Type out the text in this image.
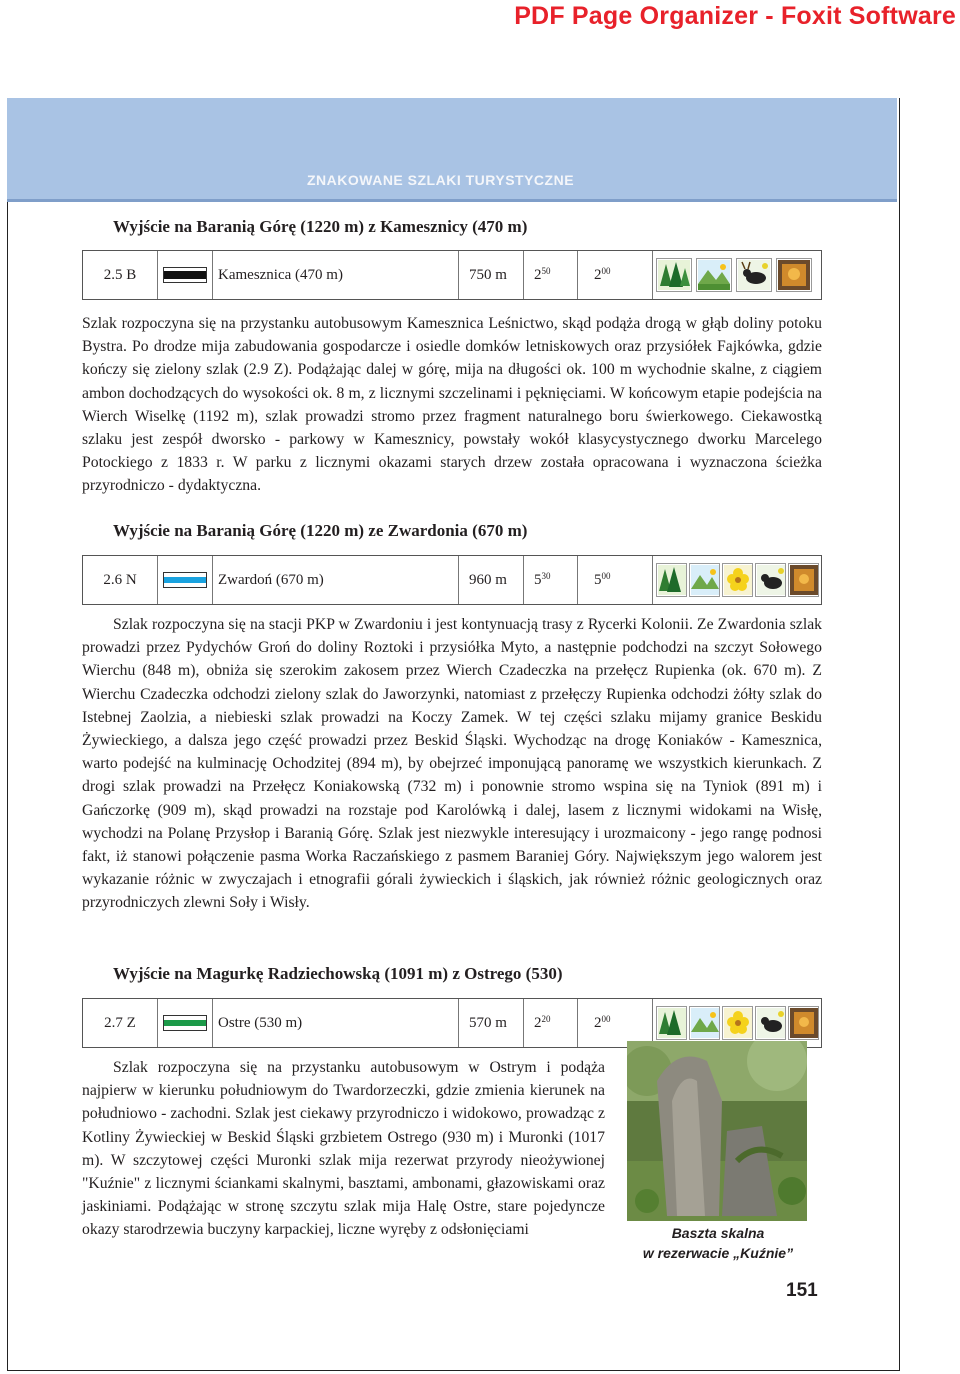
PDF Page Organizer - Foxit Software
ZNAKOWANE SZLAKI TURYSTYCZNE
Wyjście na Baranią Górę (1220 m) z Kamesznicy (470 m)
2.5 B	Kamesznica (470 m)	750 m	$2^{50}$	$2^{00}$

Szlak rozpoczyna się na przystanku autobusowym Kamesznica Leśnictwo, skąd podąża drogą w głąb doliny potoku Bystra. Po drodze mija zabudowania gospodarcze i osiedle domków letniskowych oraz przysiółek Fajkówka, gdzie kończy się zielony szlak (2.9 Z). Podążając dalej w górę, mija na długości ok. 100 m wychodnie skalne, z ciągiem ambon dochodzących do wysokości ok. 8 m, z licznymi szczelinami i pęknięciami. W końcowym etapie podejścia na Wierch Wiselkę (1192 m), szlak prowadzi stromo przez fragment naturalnego boru świerkowego. Ciekawostką szlaku jest zespół dworsko - parkowy w Kamesznicy, powstały wokół klasycystycznego dworku Marcelego Potockiego z 1833 r. W parku z licznymi okazami starych drzew została opracowana i wyznaczona ścieżka przyrodniczo - dydaktyczna.

Wyjście na Baranią Górę (1220 m) ze Zwardonia (670 m)
2.6 N	Zwardoń (670 m)	960 m	$5^{30}$	$5^{00}$

Szlak rozpoczyna się na stacji PKP w Zwardoniu i jest kontynuacją trasy z Rycerki Kolonii. Ze Zwardonia szlak prowadzi przez Pydychów Groń do doliny Roztoki i przysiółka Myto, a następnie podchodzi na szczyt Sołowego Wierchu (848 m), obniża się szerokim zakosem przez Wierch Czadeczka na przełęcz Rupienka (ok. 670 m). Z Wierchu Czadeczka odchodzi zielony szlak do Jaworzynki, natomiast z przełęczy Rupienka odchodzi żółty szlak do Istebnej Zaolzia, a niebieski szlak prowadzi na Koczy Zamek. W tej części szlaku mijamy granice Beskidu Żywieckiego, a dalsza jego część prowadzi przez Beskid Śląski. Wychodząc na drogę Koniaków - Kamesznica, warto podejść na kulminację Ochodzitej (894 m), by obejrzeć imponującą panoramę we wszystkich kierunkach. Z drogi szlak prowadzi na Przełęcz Koniakowską (732 m) i ponownie stromo wspina się na Tyniok (891 m) i Gańczorkę (909 m), skąd prowadzi na rozstaje pod Karolówką i dalej, lasem z licznymi widokami na Wisłę, wychodzi na Polanę Przysłop i Baranią Górę. Szlak jest niezwykle interesujący i urozmaicony - jego rangę podnosi fakt, iż stanowi połączenie pasma Worka Raczańskiego z pasmem Baraniej Góry. Największym jego walorem jest wykazanie różnic w zwyczajach i etnografii górali żywieckich i śląskich, jak również różnic geologicznych oraz przyrodniczych zlewni Soły i Wisły.

Wyjście na Magurkę Radziechowską (1091 m) z Ostrego (530)
2.7 Z	Ostre (530 m)	570 m	$2^{20}$	$2^{00}$

Szlak rozpoczyna się na przystanku autobusowym w Ostrym i podąża najpierw w kierunku południowym do Twardorzeczki, gdzie zmienia kierunek na południowo - zachodni. Szlak jest ciekawy przyrodniczo i widokowo, prowadząc z Kotliny Żywieckiej w Beskid Śląski grzbietem Ostrego (930 m) i Muronki (1017 m). W szczytowej części Muronki szlak mija rezerwat przyrody nieożywionej "Kuźnie" z licznymi ściankami skalnymi, basztami, ambonami, głazowiskami oraz jaskiniami. Podążając w stronę szczytu szlak mija Halę Ostre, stare pojedyncze okazy starodrzewia buczyny karpackiej, liczne wyręby z odsłonięciami	Baszta skalna
w rezerwacie „Kuźnie”
151
